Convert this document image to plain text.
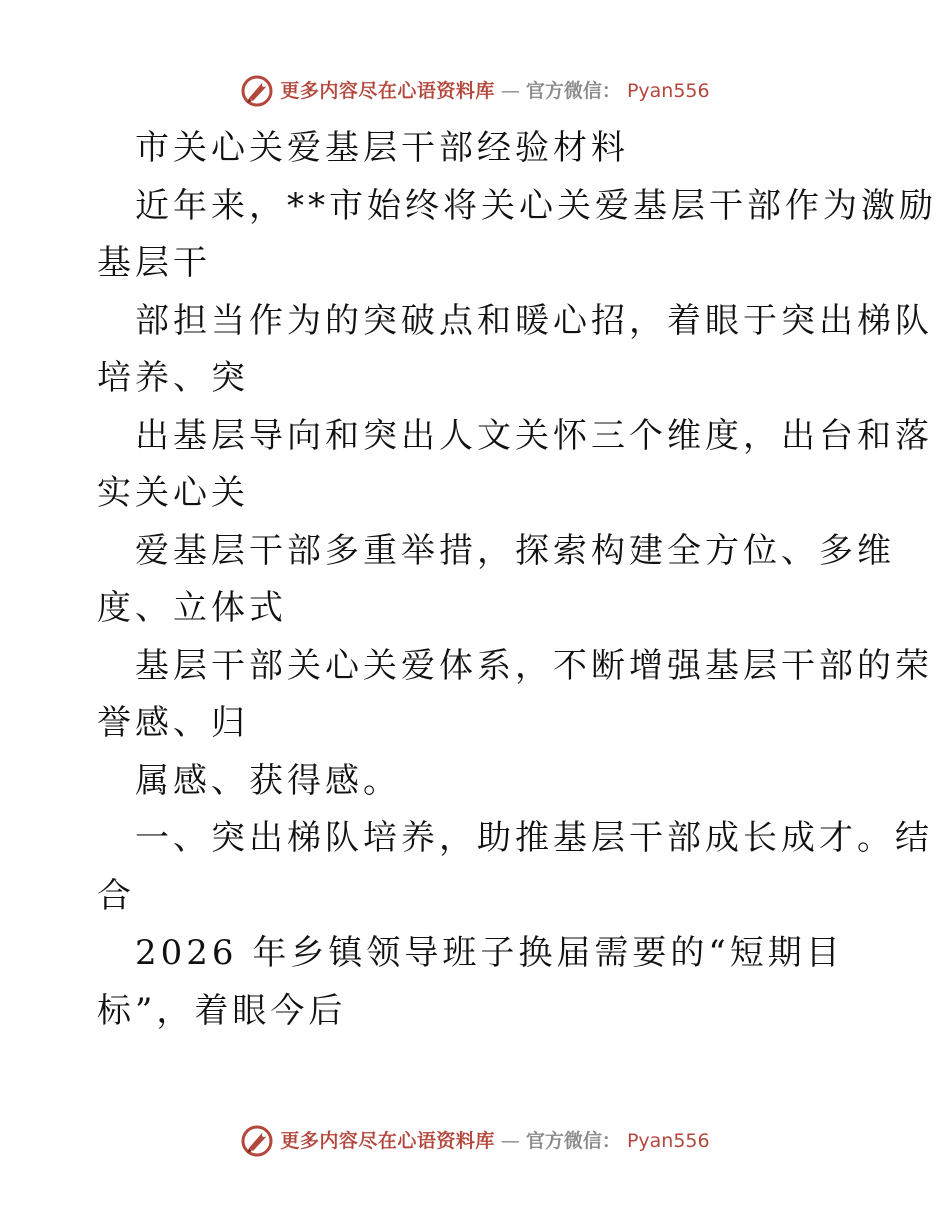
更多内容尽在心语资料库 — 官方微信： Pyan556
市关心关爱基层干部经验材料
近年来，**市始终将关心关爱基层干部作为激励
基层干
部担当作为的突破点和暖心招，着眼于突出梯队
培养、突
出基层导向和突出人文关怀三个维度，出台和落
实关心关
爱基层干部多重举措，探索构建全方位、多维
度、立体式
基层干部关心关爱体系，不断增强基层干部的荣
誉感、归
属感、获得感。
一、突出梯队培养，助推基层干部成长成才。结
合
2026 年乡镇领导班子换届需要的“短期目
标”，着眼今后
更多内容尽在心语资料库 — 官方微信： Pyan556
